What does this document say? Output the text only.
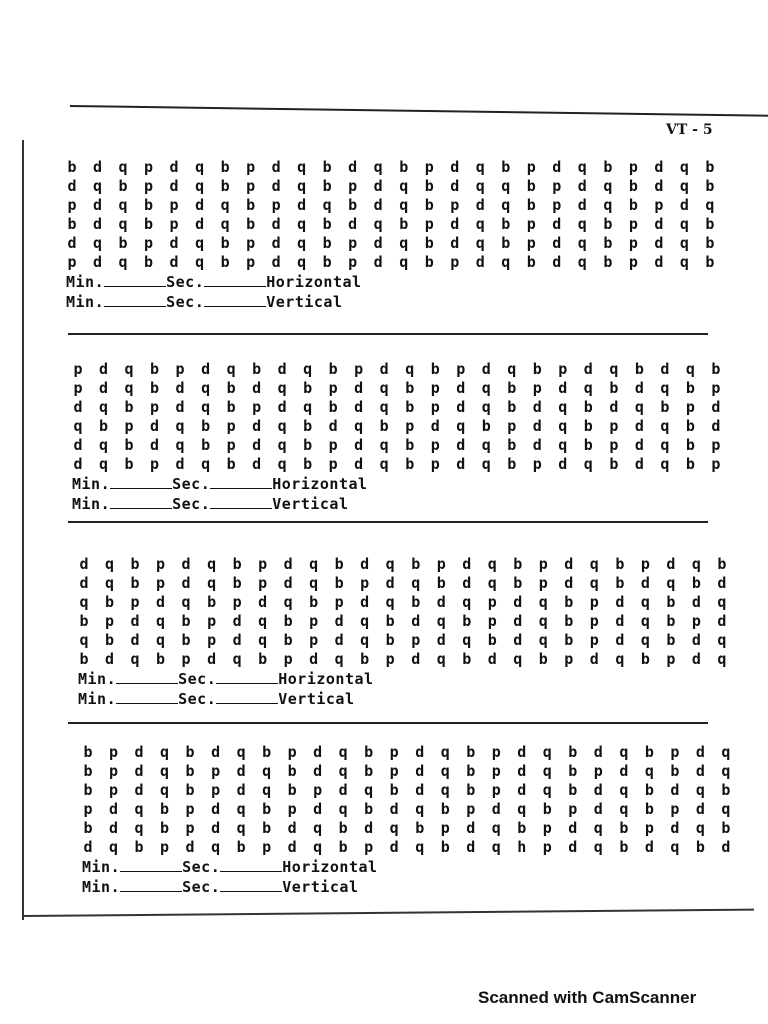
VT - 5
b d q p d q b p d q b d q b p d q b p d q b p d q b
d q b p d q b p d q b p d q b d q q b p d q b d q b
p d q b p d q b p d q b d q b p d q b p d q b p d q
b d q b p d q b d q b d q b p d q b p d q b p d q b
d q b p d q b p d q b p d q b d q b p d q b p d q b
p d q b d q b p d q b p d q b p d q b d q b p d q b
Min.	Sec.	Horizontal
Min.	Sec.	Vertical
p d q b p d q b d q b p d q b p d q b p d q b d q b
p d q b d q b d q b p d q b p d q b p d q b d q b p
d q b p d q b p d q b d q b p d q b d q b d q b p d
q b p d q b p d q b d q b p d q b p d q b p d q b d
d q b d q b p d q b p d q b p d q b d q b p d q b p
d q b p d q b d q b p d q b p d q b p d q b d q b p
Min.	Sec.	Horizontal
Min.	Sec.	Vertical
d q b p d q b p d q b d q b p d q b p d q b p d q b
d q b p d q b p d q b p d q b d q b p d q b d q b d
q b p d q b p d q b p d q b d q p d q b p d q b d q
b p d q b p d q b p d q b d q b p d q b p d q b p d
q b d q b p d q b p d q b p d q b d q b p d q b d q
b d q b p d q b p d q b p d q b d q b p d q b p d q
Min.	Sec.	Horizontal
Min.	Sec.	Vertical
b p d q b d q b p d q b p d q b p d q b d q b p d q
b p d q b p d q b d q b p d q b p d q b p d q b d q
b p d q b p d q b p d q b d q b p d q b d q b d q b
p d q b p d q b p d q b d q b p d q b p d q b p d q
b d q b p d q b d q b d q b p d q b p d q b p d q b
d q b p d q b p d q b p d q b d q h p d q b d q b d
Min.	Sec.	Horizontal
Min.	Sec.	Vertical
Scanned with CamScanner
